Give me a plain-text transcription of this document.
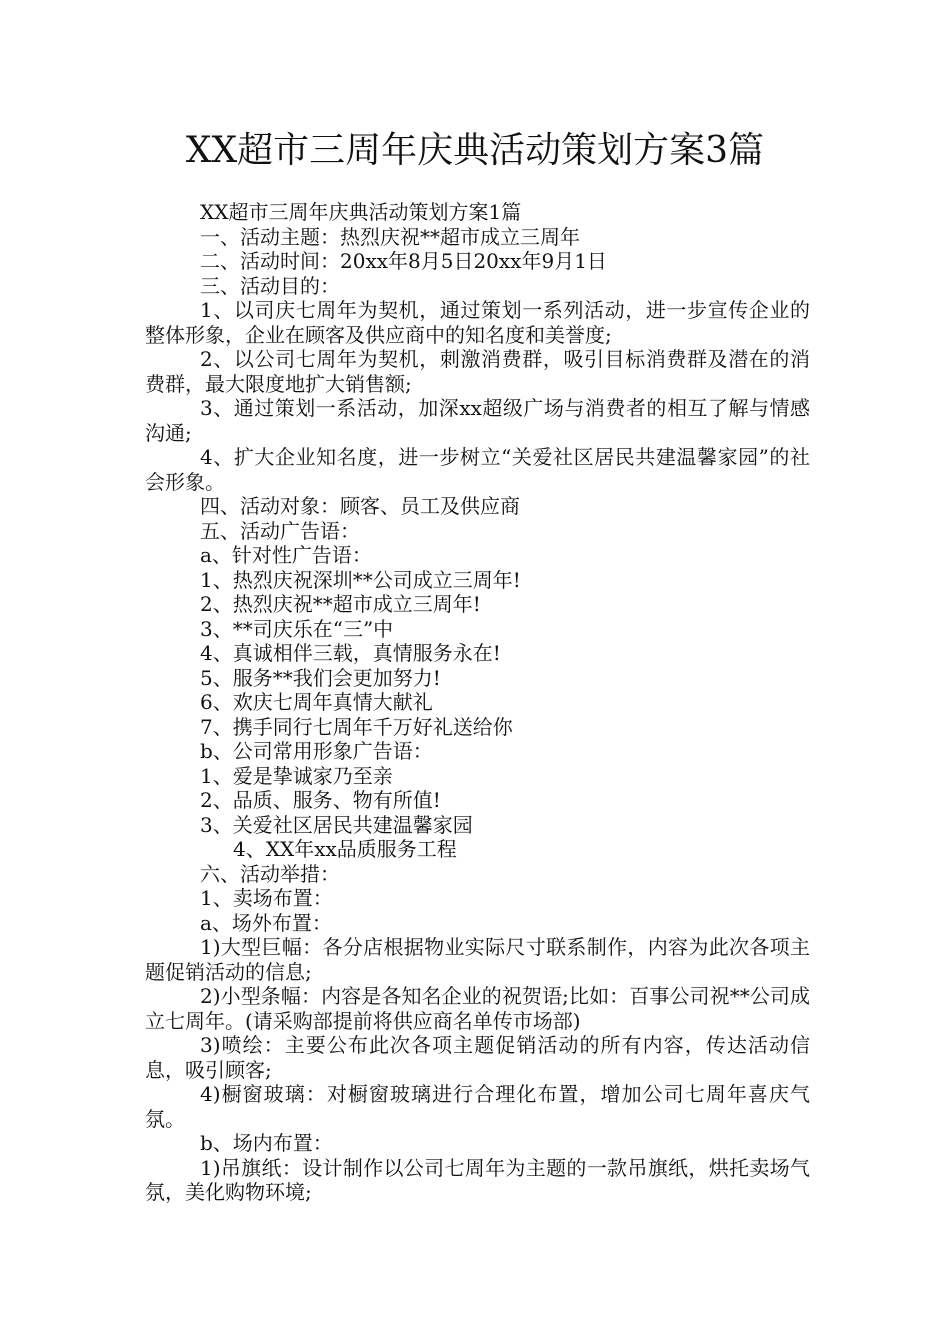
XX超市三周年庆典活动策划方案3篇

XX超市三周年庆典活动策划方案1篇

一、活动主题：热烈庆祝**超市成立三周年

二、活动时间：20xx年8月5日20xx年9月1日

三、活动目的：

1、以司庆七周年为契机，通过策划一系列活动，进一步宣传企业的整体形象，企业在顾客及供应商中的知名度和美誉度;

2、以公司七周年为契机，刺激消费群，吸引目标消费群及潜在的消费群，最大限度地扩大销售额;

3、通过策划一系活动，加深xx超级广场与消费者的相互了解与情感沟通;

4、扩大企业知名度，进一步树立“关爱社区居民共建温馨家园”的社会形象。

四、活动对象：顾客、员工及供应商

五、活动广告语：

a、针对性广告语：

1、热烈庆祝深圳**公司成立三周年!

2、热烈庆祝**超市成立三周年!

3、**司庆乐在“三”中

4、真诚相伴三载，真情服务永在!

5、服务**我们会更加努力!

6、欢庆七周年真情大献礼

7、携手同行七周年千万好礼送给你

b、公司常用形象广告语：

1、爱是挚诚家乃至亲

2、品质、服务、物有所值!

3、关爱社区居民共建温馨家园

4、XX年xx品质服务工程

六、活动举措：

1、卖场布置：

a、场外布置：

1)大型巨幅：各分店根据物业实际尺寸联系制作，内容为此次各项主题促销活动的信息;

2)小型条幅：内容是各知名企业的祝贺语;比如：百事公司祝**公司成立七周年。(请采购部提前将供应商名单传市场部)

3)喷绘：主要公布此次各项主题促销活动的所有内容，传达活动信息，吸引顾客;

4)橱窗玻璃：对橱窗玻璃进行合理化布置，增加公司七周年喜庆气氛。

b、场内布置：

1)吊旗纸：设计制作以公司七周年为主题的一款吊旗纸，烘托卖场气氛，美化购物环境;
